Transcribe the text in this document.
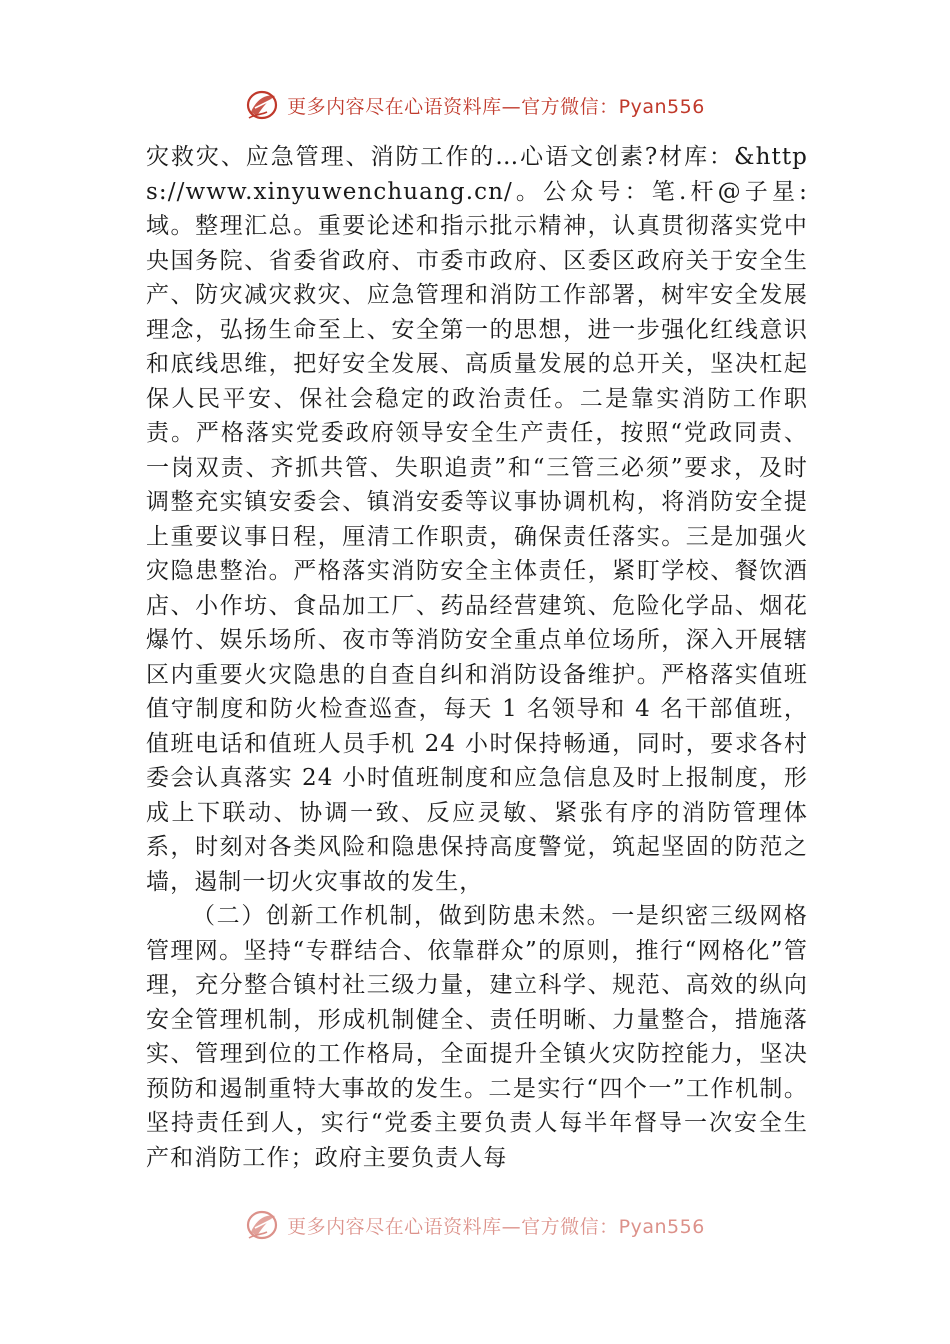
更多内容尽在心语资料库—官方微信：Pyan556

灾救灾、应急管理、消防工作的…心语文创素?材库：&https://www.xinyuwenchuang.cn/。公众号：笔.杆@子星:域。整理汇总。重要论述和指示批示精神，认真贯彻落实党中央国务院、省委省政府、市委市政府、区委区政府关于安全生产、防灾减灾救灾、应急管理和消防工作部署，树牢安全发展理念，弘扬生命至上、安全第一的思想，进一步强化红线意识和底线思维，把好安全发展、高质量发展的总开关，坚决杠起保人民平安、保社会稳定的政治责任。二是靠实消防工作职责。严格落实党委政府领导安全生产责任，按照“党政同责、一岗双责、齐抓共管、失职追责”和“三管三必须”要求，及时调整充实镇安委会、镇消安委等议事协调机构，将消防安全提上重要议事日程，厘清工作职责，确保责任落实。三是加强火灾隐患整治。严格落实消防安全主体责任，紧盯学校、餐饮酒店、小作坊、食品加工厂、药品经营建筑、危险化学品、烟花爆竹、娱乐场所、夜市等消防安全重点单位场所，深入开展辖区内重要火灾隐患的自查自纠和消防设备维护。严格落实值班值守制度和防火检查巡查，每天 1 名领导和 4 名干部值班，值班电话和值班人员手机 24 小时保持畅通，同时，要求各村委会认真落实 24 小时值班制度和应急信息及时上报制度，形成上下联动、协调一致、反应灵敏、紧张有序的消防管理体系，时刻对各类风险和隐患保持高度警觉，筑起坚固的防范之墙，遏制一切火灾事故的发生，

（二）创新工作机制，做到防患未然。一是织密三级网格管理网。坚持“专群结合、依靠群众”的原则，推行“网格化”管理，充分整合镇村社三级力量，建立科学、规范、高效的纵向安全管理机制，形成机制健全、责任明晰、力量整合，措施落实、管理到位的工作格局，全面提升全镇火灾防控能力，坚决预防和遏制重特大事故的发生。二是实行“四个一”工作机制。坚持责任到人，实行“党委主要负责人每半年督导一次安全生产和消防工作；政府主要负责人每

更多内容尽在心语资料库—官方微信：Pyan556
